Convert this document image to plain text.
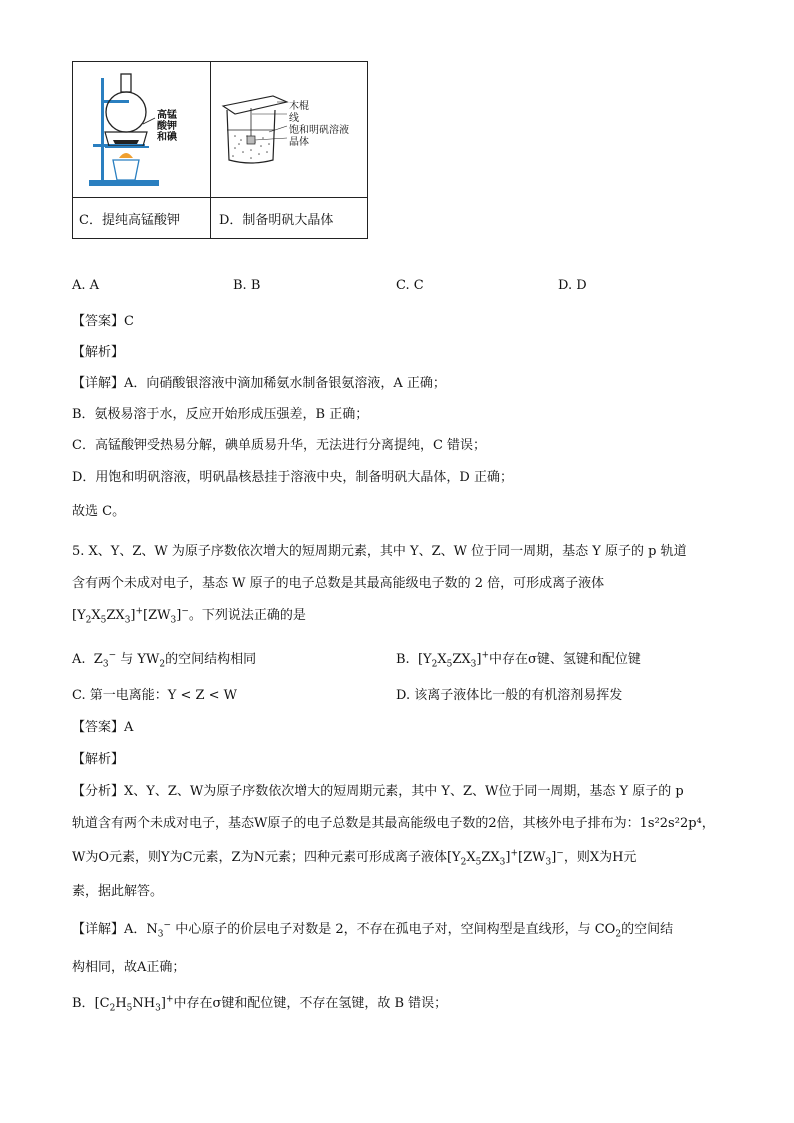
高锰
酸钾
和碘
木棍
线
饱和明矾溶液
晶体
C．提纯高锰酸钾	D．制备明矾大晶体
A. A	B. B	C. C	D. D
【答案】C
【解析】
【详解】A．向硝酸银溶液中滴加稀氨水制备银氨溶液，A 正确；
B．氨极易溶于水，反应开始形成压强差，B 正确；
C．高锰酸钾受热易分解，碘单质易升华，无法进行分离提纯，C 错误；
D．用饱和明矾溶液，明矾晶核悬挂于溶液中央，制备明矾大晶体，D 正确；
故选 C。
5. X、Y、Z、W 为原子序数依次增大的短周期元素，其中 Y、Z、W 位于同一周期，基态 Y 原子的 p 轨道
含有两个未成对电子，基态 W 原子的电子总数是其最高能级电子数的 2 倍，可形成离子液体
$[Y_2X_5ZX_3]^+[ZW_3]^-$。下列说法正确的是
A.  $Z_3^-$ 与 $YW_2$的空间结构相同	B.  $[Y_2X_5ZX_3]^+$中存在σ键、氢键和配位键
C. 第一电离能：Y < Z < W	D. 该离子液体比一般的有机溶剂易挥发
【答案】A
【解析】
【分析】X、Y、Z、W为原子序数依次增大的短周期元素，其中 Y、Z、W位于同一周期，基态 Y 原子的 p
轨道含有两个未成对电子，基态W原子的电子总数是其最高能级电子数的2倍，其核外电子排布为：1s²2s²2p⁴，
W为O元素，则Y为C元素，Z为N元素；四种元素可形成离子液体$[Y_2X_5ZX_3]^+[ZW_3]^-$，则X为H元
素，据此解答。
【详解】A．$N_3^-$ 中心原子的价层电子对数是 2，不存在孤电子对，空间构型是直线形，与 $CO_2$的空间结
构相同，故A正确；
B．$[C_2H_5NH_3]^+$中存在σ键和配位键，不存在氢键，故 B 错误；
